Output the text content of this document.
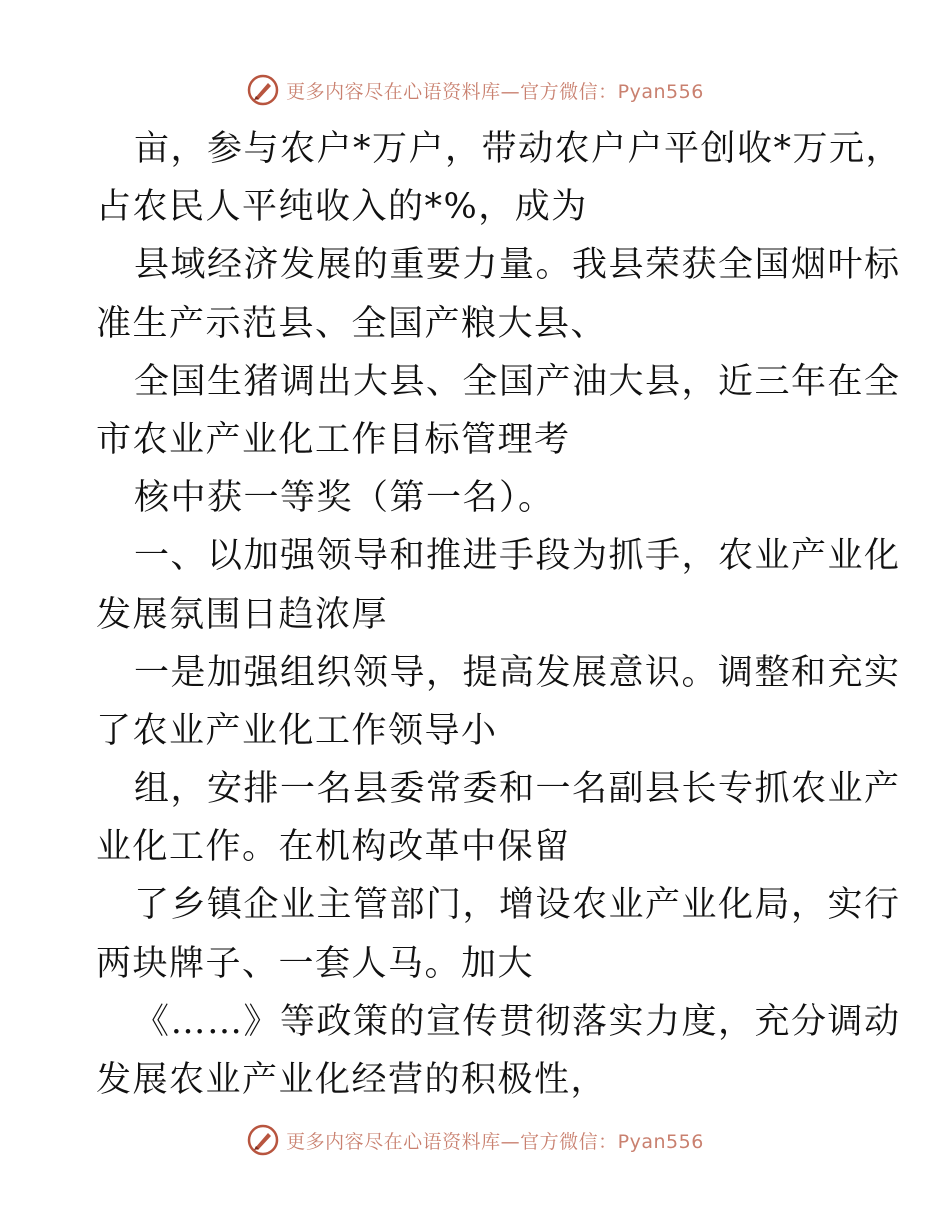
更多内容尽在心语资料库—官方微信：Pyan556
亩，参与农户*万户，带动农户户平创收*万元，
占农民人平纯收入的*%，成为
县域经济发展的重要力量。我县荣获全国烟叶标
准生产示范县、全国产粮大县、
全国生猪调出大县、全国产油大县，近三年在全
市农业产业化工作目标管理考
核中获一等奖（第一名）。
一、以加强领导和推进手段为抓手，农业产业化
发展氛围日趋浓厚
一是加强组织领导，提高发展意识。调整和充实
了农业产业化工作领导小
组，安排一名县委常委和一名副县长专抓农业产
业化工作。在机构改革中保留
了乡镇企业主管部门，增设农业产业化局，实行
两块牌子、一套人马。加大
《……》等政策的宣传贯彻落实力度，充分调动
发展农业产业化经营的积极性，
更多内容尽在心语资料库—官方微信：Pyan556
